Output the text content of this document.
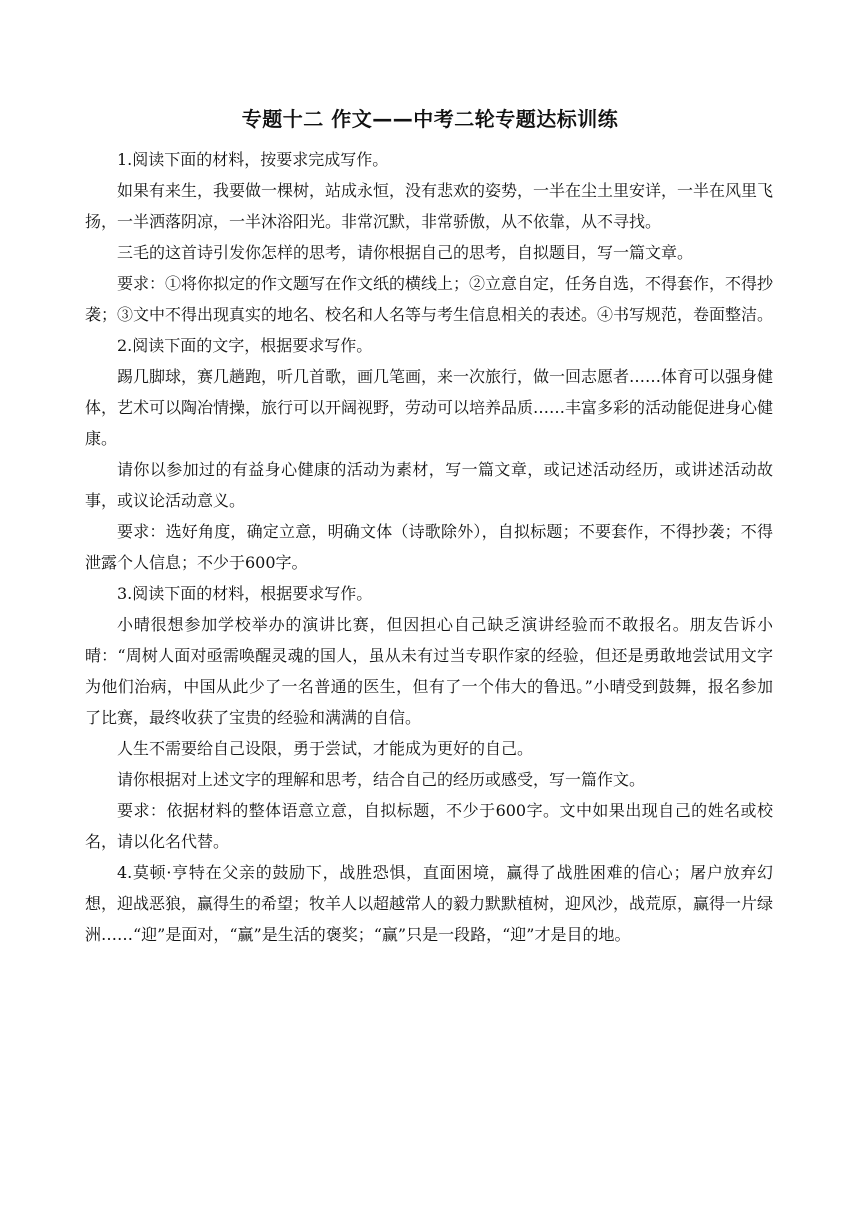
专题十二 作文——中考二轮专题达标训练

1.阅读下面的材料，按要求完成写作。

如果有来生，我要做一棵树，站成永恒，没有悲欢的姿势，一半在尘土里安详，一半在风里飞扬，一半洒落阴凉，一半沐浴阳光。非常沉默，非常骄傲，从不依靠，从不寻找。

三毛的这首诗引发你怎样的思考，请你根据自己的思考，自拟题目，写一篇文章。

要求：①将你拟定的作文题写在作文纸的横线上；②立意自定，任务自选，不得套作，不得抄袭；③文中不得出现真实的地名、校名和人名等与考生信息相关的表述。④书写规范，卷面整洁。

2.阅读下面的文字，根据要求写作。

踢几脚球，赛几趟跑，听几首歌，画几笔画，来一次旅行，做一回志愿者……体育可以强身健体，艺术可以陶冶情操，旅行可以开阔视野，劳动可以培养品质……丰富多彩的活动能促进身心健康。

请你以参加过的有益身心健康的活动为素材，写一篇文章，或记述活动经历，或讲述活动故事，或议论活动意义。

要求：选好角度，确定立意，明确文体（诗歌除外），自拟标题；不要套作，不得抄袭；不得泄露个人信息；不少于600字。

3.阅读下面的材料，根据要求写作。

小晴很想参加学校举办的演讲比赛，但因担心自己缺乏演讲经验而不敢报名。朋友告诉小晴：“周树人面对亟需唤醒灵魂的国人，虽从未有过当专职作家的经验，但还是勇敢地尝试用文字为他们治病，中国从此少了一名普通的医生，但有了一个伟大的鲁迅。”小晴受到鼓舞，报名参加了比赛，最终收获了宝贵的经验和满满的自信。

人生不需要给自己设限，勇于尝试，才能成为更好的自己。

请你根据对上述文字的理解和思考，结合自己的经历或感受，写一篇作文。

要求：依据材料的整体语意立意，自拟标题，不少于600字。文中如果出现自己的姓名或校名，请以化名代替。

4.莫顿·亨特在父亲的鼓励下，战胜恐惧，直面困境，赢得了战胜困难的信心；屠户放弃幻想，迎战恶狼，赢得生的希望；牧羊人以超越常人的毅力默默植树，迎风沙，战荒原，赢得一片绿洲……“迎”是面对，“赢”是生活的褒奖；“赢”只是一段路，“迎”才是目的地。
